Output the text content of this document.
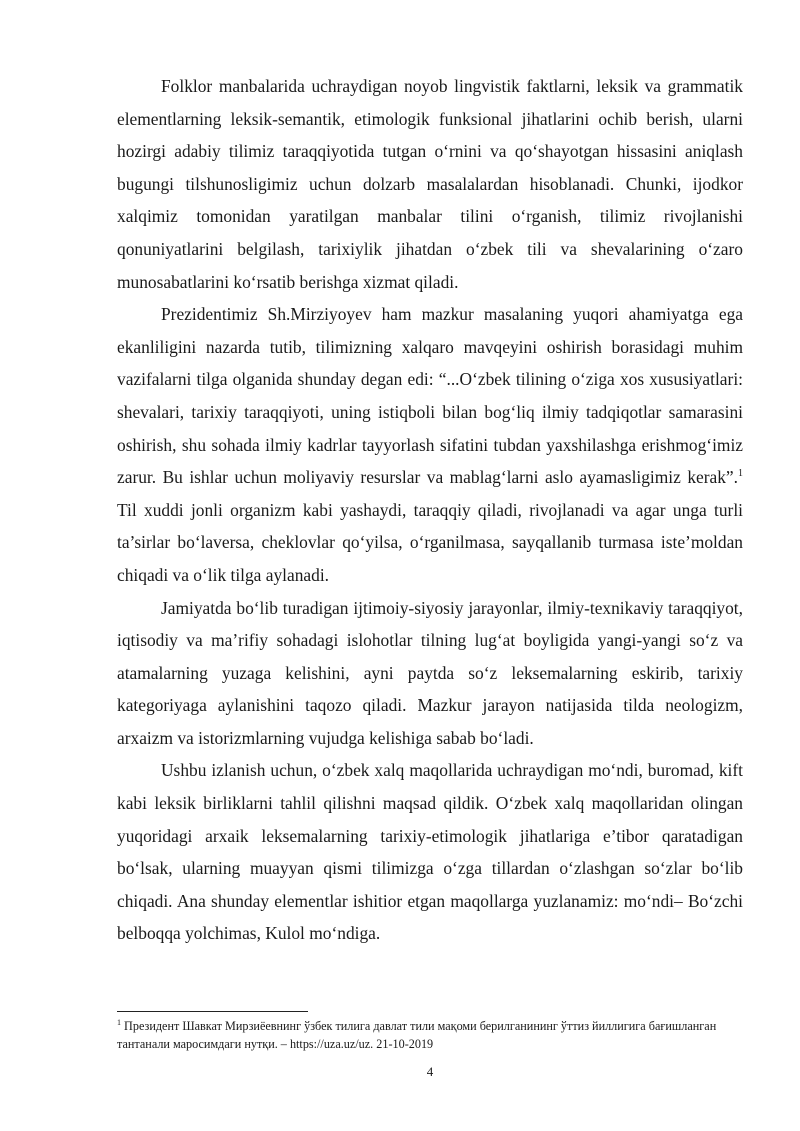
Folklor manbalarida uchraydigan noyob lingvistik faktlarni, leksik va grammatik elementlarning leksik-semantik, etimologik funksional jihatlarini ochib berish, ularni hozirgi adabiy tilimiz taraqqiyotida tutgan o‘rnini va qo‘shayotgan hissasini aniqlash bugungi tilshunosligimiz uchun dolzarb masalalardan hisoblanadi. Chunki, ijodkor xalqimiz tomonidan yaratilgan manbalar tilini o‘rganish, tilimiz rivojlanishi qonuniyatlarini belgilash, tarixiylik jihatdan o‘zbek tili va shevalarining o‘zaro munosabatlarini ko‘rsatib berishga xizmat qiladi.

Prezidentimiz Sh.Mirziyoyev ham mazkur masalaning yuqori ahamiyatga ega ekanliligini nazarda tutib, tilimizning xalqaro mavqeyini oshirish borasidagi muhim vazifalarni tilga olganida shunday degan edi: “...O‘zbek tilining o‘ziga xos xususiyatlari: shevalari, tarixiy taraqqiyoti, uning istiqboli bilan bog‘liq ilmiy tadqiqotlar samarasini oshirish, shu sohada ilmiy kadrlar tayyorlash sifatini tubdan yaxshilashga erishmog‘imiz zarur. Bu ishlar uchun moliyaviy resurslar va mablag‘larni aslo ayamasligimiz kerak”.$^1$ Til xuddi jonli organizm kabi yashaydi, taraqqiy qiladi, rivojlanadi va agar unga turli ta’sirlar bo‘laversa, cheklovlar qo‘yilsa, o‘rganilmasa, sayqallanib turmasa iste’moldan chiqadi va o‘lik tilga aylanadi.

Jamiyatda bo‘lib turadigan ijtimoiy-siyosiy jarayonlar, ilmiy-texnikaviy taraqqiyot, iqtisodiy va ma’rifiy sohadagi islohotlar tilning lug‘at boyligida yangi-yangi so‘z va atamalarning yuzaga kelishini, ayni paytda so‘z leksemalarning eskirib, tarixiy kategoriyaga aylanishini taqozo qiladi. Mazkur jarayon natijasida tilda neologizm, arxaizm va istorizmlarning vujudga kelishiga sabab bo‘ladi.

Ushbu izlanish uchun, o‘zbek xalq maqollarida uchraydigan mo‘ndi, buromad, kift kabi leksik birliklarni tahlil qilishni maqsad qildik. O‘zbek xalq maqollaridan olingan yuqoridagi arxaik leksemalarning tarixiy-etimologik jihatlariga e’tibor qaratadigan bo‘lsak, ularning muayyan qismi tilimizga o‘zga tillardan o‘zlashgan so‘zlar bo‘lib chiqadi. Ana shunday elementlar ishitior etgan maqollarga yuzlanamiz: mo‘ndi– Bo‘zchi belboqqa yolchimas, Kulol mo‘ndiga.

$^1$ Президент Шавкат Мирзиёевнинг ўзбек тилига давлат тили мақоми берилганининг ўттиз йиллигига бағишланган тантанали маросимдаги нутқи. – https://uza.uz/uz. 21-10-2019

4
